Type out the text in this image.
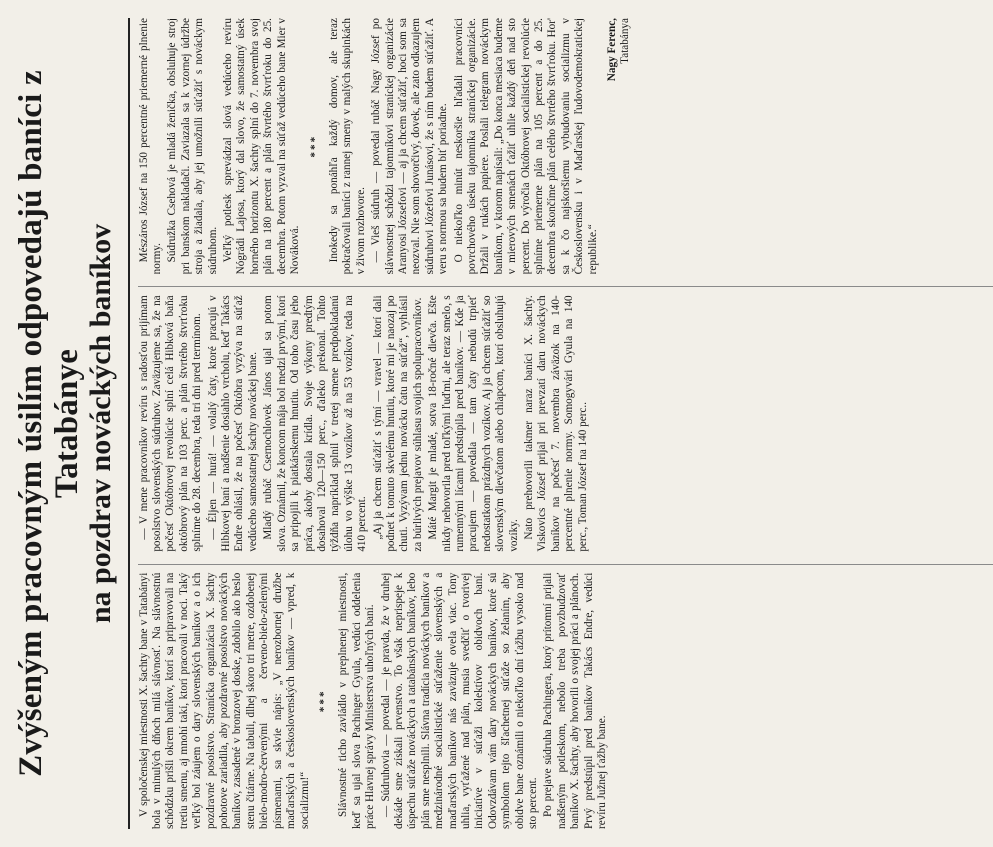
Zvýšeným pracovným úsilím odpovedajú baníci z Tatabánye na pozdrav nováckých baníkov

V spoločenskej miestnosti X. šachty bane v Tatabányi bola v minulých dňoch milá slávnosť. Na slávnostnú schôdzku prišli okrem baníkov, ktorí sa pripravovali na tretiu smenu, aj mnohí takí, ktorí pracovali v noci. Taký veľký bol záujem o dary slovenských baníkov a o ich pozdravné posolstvo. Stranícka organizácia X. šachty pohotove zariadila, aby pozdravné posolstvo nováckých baníkov, zasadené v bronzovej doske, zdobilo ako heslo stenu čitárne. Na tabuli, dlhej skoro tri metre, ozdobenej bielo-modro-červenými a červeno-bielo-zelenými písmenami, sa skvie nápis: „V nerozbornej družbe maďarských a československých baníkov — vpred, k socializmu!“

*** Slávnostné ticho zavládlo v preplnenej miestnosti, keď sa ujal slova Pachinger Gyula, vedúci oddelenia práce Hlavnej správy Ministerstva uhoľných baní. — Súdruhovia — povedal — je pravda, že v druhej dekáde sme získali prvenstvo. To však neprispeje k úspechu súťaže nováckych a tatabánskych baníkov, lebo plán sme nesplnili. Slávna tradícia nováckych baníkov a medzinárodné socialistické súťaženie slovenských a maďarských baníkov nás zaväzuje ovela viac. Tony uhlia, vyťažené nad plán, musia svedčiť o tvorivej iniciatíve v súťaži kolektívov obidvoch baní. Odovzdávam vám dary nováckych baníkov, ktoré sú symbolom tejto šľachetnej súťaže so želaním, aby obidve bane oznámili o niekoľko dní ťažbu vysoko nad sto percent. Po prejave súdruha Pachingera, ktorý prítomní prijali nadšeným potleskom, nebolo treba povzbudzovať baníkov X. šachty, aby hovorili o svojej práci a plánoch. Prvý predstúpil pred baníkov Takács Endre, vedúci revíru Južnej ťažby bane.

— V mene pracovníkov revíru s radosťou prijímam posolstvo slovenských súdruhov. Zaväzujeme sa, že na počesť Októbrovej revolúcie splní celá Hibková baňa októbrový plán na 103 perc. a plán štvrtého štvrťroku splníme do 28. decembra, teda tri dni pred termínom. — Éljen — hurá! — volalý čaty, ktoré pracujú v Hibkovej baní a nadšenie dosiahlo vrcholu, keď Takács Endre ohlásil, že na počesť Októbra vyzýva na súťaž vedúceho samostatnej šachty nováckej bane. Mladý rubáč Csernochlovek János ujal sa potom slova. Oznámil, že koncom mája bol medzi prvými, ktorí sa pripojili k piatkárskemu hnutiu. Od toho času jeho práca, akoby dostala krídla. Svoje výkony predtým dosahoval 120—150 perc., ďaleko prekonal. Tohto týždňa napríklad splnil v tretej smene predpokladanú úlohu vo výške 13 vozíkov až na 53 vozíkov, teda na 410 percent. „Aj ja chcem súťažiť s týmí — vravel — ktorí dali podnet k tomuto skvelému hnutiu, ktoré mi je naozaj po chuti. Vyzývam jednu novácku čatu na súťaž“, vyhlásil za búrlivých prejavov súhlasu svojich spolupracovníkov. Máté Margit je mladé, sotva 18-ročné dievča. Ešte nikdy nehovorila pred toľkými ľuďmi, ale teraz smelo, s rumennými lícami predstúpila pred baníkov. — Kde ja pracujem — povedala — tam čaty nebudú trpieť nedostatkom prázdnych vozíkov. Aj ja chcem súťažiť so slovenským dievčatom alebo chlapcom, ktorí obsluhujú vozíky. Nato prehovorili takmer naraz baníci X. šachty. Viskovics József prijal pri prevzatí daru nováckych baníkov na počesť 7. novembra záväzok na 140-percentné plnenie normy. Somogyvári Gyula na 140 perc., Toman József na 140 perc..

Mészáros József na 150 percentné priemerné plnenie normy. Súdružka Csehová je mladá ženička, obsluhuje stroj pri banskom nakladači. Zaviazala sa k vzornej údržbe stroja a žiadala, aby jej umožnili súťažiť s nováckym súdruhom. Veľký potlesk sprevádzal slová vedúceho revíru Nógrádi Lajosa, ktorý dal slovo, že samostatný úsek horného horizontu X. šachty splní do 7. novembra svoj plán na 180 percent a plán štvrtého štvrťroku do 25. decembra. Potom vyzval na súťaž vedúceho bane Mier v Nováková.

*** Inokedy sa ponáhľa každý domov, ale teraz pokračovali baníci z rannej smeny v malých skupinkách v živom rozhovore. — Vieš súdruh — povedal rubáč Nagy József po slávnostnej schôdzi tajomníkovi straníckej organizácie Aranyosi Józsefovi — aj ja chcem súťažiť, hoci som sa neozval. Nie som shovorčivý, dovek, ale zato odkazujem súdruhovi Józefovi Junásovi, že s ním budem súťažiť. A veru s normou sa budem biť poriadne. O niekoľko minút neskoršie hľadali pracovníci povrchového úseku tajomníka straníckej organizácie. Držali v rukách papiere. Poslali telegram nováckym baníkom, v ktorom napísali: „Do konca mesiaca budeme v mierových smenách ťažiť uhlie každý deň nad sto percent. Do výročia Októbrovej socialistickej revolúcie splníme priemerne plán na 105 percent a do 25. decembra skončíme plán celého štvrtého štvrťroku. Hor' sa k čo najskoršiemu vybudovaniu socializmu v Československu i v Maďarskej ľudovodemokratickej republike.“

Nagy Ferenc, Tatabánya
